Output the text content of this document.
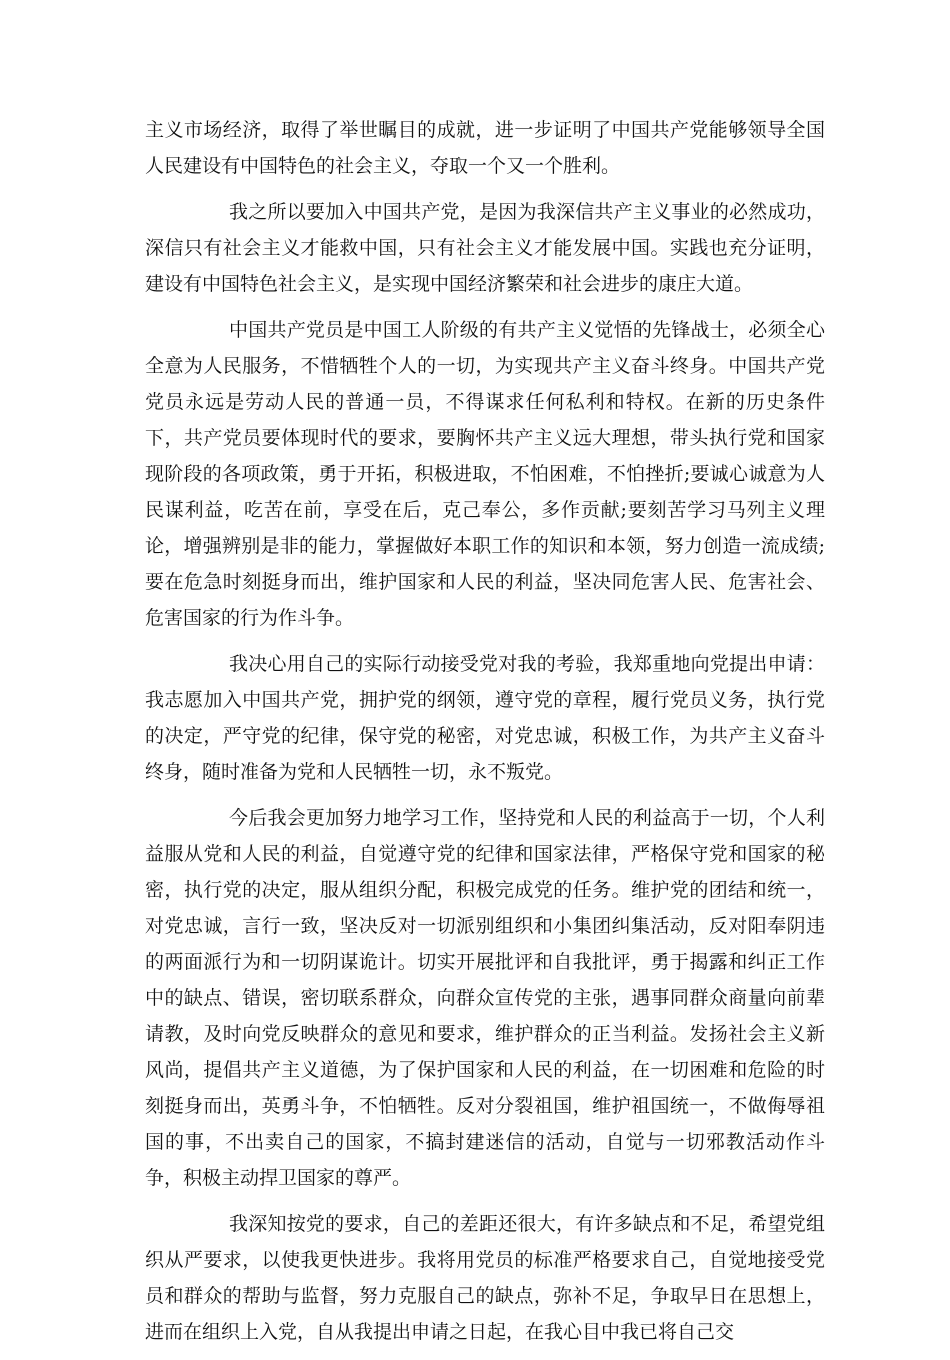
主义市场经济，取得了举世瞩目的成就，进一步证明了中国共产党能够领导全国人民建设有中国特色的社会主义，夺取一个又一个胜利。

我之所以要加入中国共产党，是因为我深信共产主义事业的必然成功，深信只有社会主义才能救中国，只有社会主义才能发展中国。实践也充分证明，建设有中国特色社会主义，是实现中国经济繁荣和社会进步的康庄大道。

中国共产党员是中国工人阶级的有共产主义觉悟的先锋战士，必须全心全意为人民服务，不惜牺牲个人的一切，为实现共产主义奋斗终身。中国共产党党员永远是劳动人民的普通一员，不得谋求任何私利和特权。在新的历史条件下，共产党员要体现时代的要求，要胸怀共产主义远大理想，带头执行党和国家现阶段的各项政策，勇于开拓，积极进取，不怕困难，不怕挫折;要诚心诚意为人民谋利益，吃苦在前，享受在后，克己奉公，多作贡献;要刻苦学习马列主义理论，增强辨别是非的能力，掌握做好本职工作的知识和本领，努力创造一流成绩;要在危急时刻挺身而出，维护国家和人民的利益，坚决同危害人民、危害社会、危害国家的行为作斗争。

我决心用自己的实际行动接受党对我的考验，我郑重地向党提出申请：我志愿加入中国共产党，拥护党的纲领，遵守党的章程，履行党员义务，执行党的决定，严守党的纪律，保守党的秘密，对党忠诚，积极工作，为共产主义奋斗终身，随时准备为党和人民牺牲一切，永不叛党。

今后我会更加努力地学习工作，坚持党和人民的利益高于一切，个人利益服从党和人民的利益，自觉遵守党的纪律和国家法律，严格保守党和国家的秘密，执行党的决定，服从组织分配，积极完成党的任务。维护党的团结和统一，对党忠诚，言行一致，坚决反对一切派别组织和小集团纠集活动，反对阳奉阴违的两面派行为和一切阴谋诡计。切实开展批评和自我批评，勇于揭露和纠正工作中的缺点、错误，密切联系群众，向群众宣传党的主张，遇事同群众商量向前辈请教，及时向党反映群众的意见和要求，维护群众的正当利益。发扬社会主义新风尚，提倡共产主义道德，为了保护国家和人民的利益，在一切困难和危险的时刻挺身而出，英勇斗争，不怕牺牲。反对分裂祖国，维护祖国统一，不做侮辱祖国的事，不出卖自己的国家，不搞封建迷信的活动，自觉与一切邪教活动作斗争，积极主动捍卫国家的尊严。

我深知按党的要求，自己的差距还很大，有许多缺点和不足，希望党组织从严要求，以使我更快进步。我将用党员的标准严格要求自己，自觉地接受党员和群众的帮助与监督，努力克服自己的缺点，弥补不足，争取早日在思想上，进而在组织上入党，自从我提出申请之日起，在我心目中我已将自己交
